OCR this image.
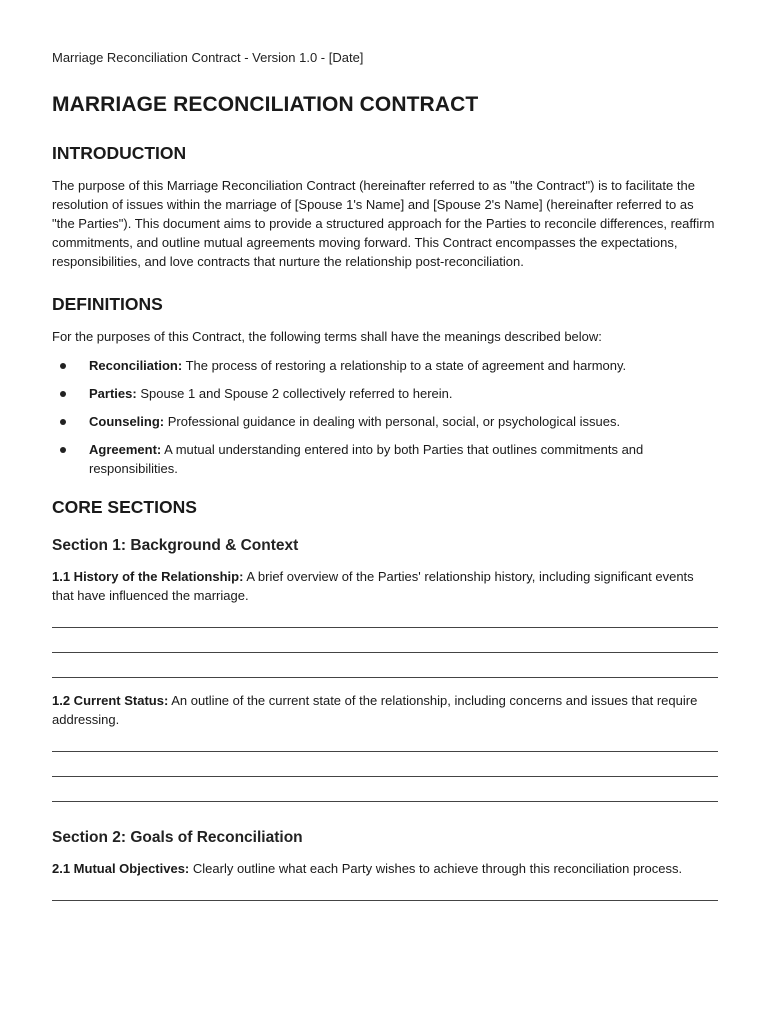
Marriage Reconciliation Contract - Version 1.0 - [Date]
MARRIAGE RECONCILIATION CONTRACT
INTRODUCTION

The purpose of this Marriage Reconciliation Contract (hereinafter referred to as "the Contract") is to facilitate the resolution of issues within the marriage of [Spouse 1's Name] and [Spouse 2's Name] (hereinafter referred to as "the Parties"). This document aims to provide a structured approach for the Parties to reconcile differences, reaffirm commitments, and outline mutual agreements moving forward. This Contract encompasses the expectations, responsibilities, and love contracts that nurture the relationship post-reconciliation.

DEFINITIONS

For the purposes of this Contract, the following terms shall have the meanings described below:

Reconciliation: The process of restoring a relationship to a state of agreement and harmony.
Parties: Spouse 1 and Spouse 2 collectively referred to herein.
Counseling: Professional guidance in dealing with personal, social, or psychological issues.
Agreement: A mutual understanding entered into by both Parties that outlines commitments and responsibilities.
CORE SECTIONS
Section 1: Background & Context

1.1 History of the Relationship: A brief overview of the Parties' relationship history, including significant events that have influenced the marriage.

1.2 Current Status: An outline of the current state of the relationship, including concerns and issues that require addressing.

Section 2: Goals of Reconciliation

2.1 Mutual Objectives: Clearly outline what each Party wishes to achieve through this reconciliation process.
